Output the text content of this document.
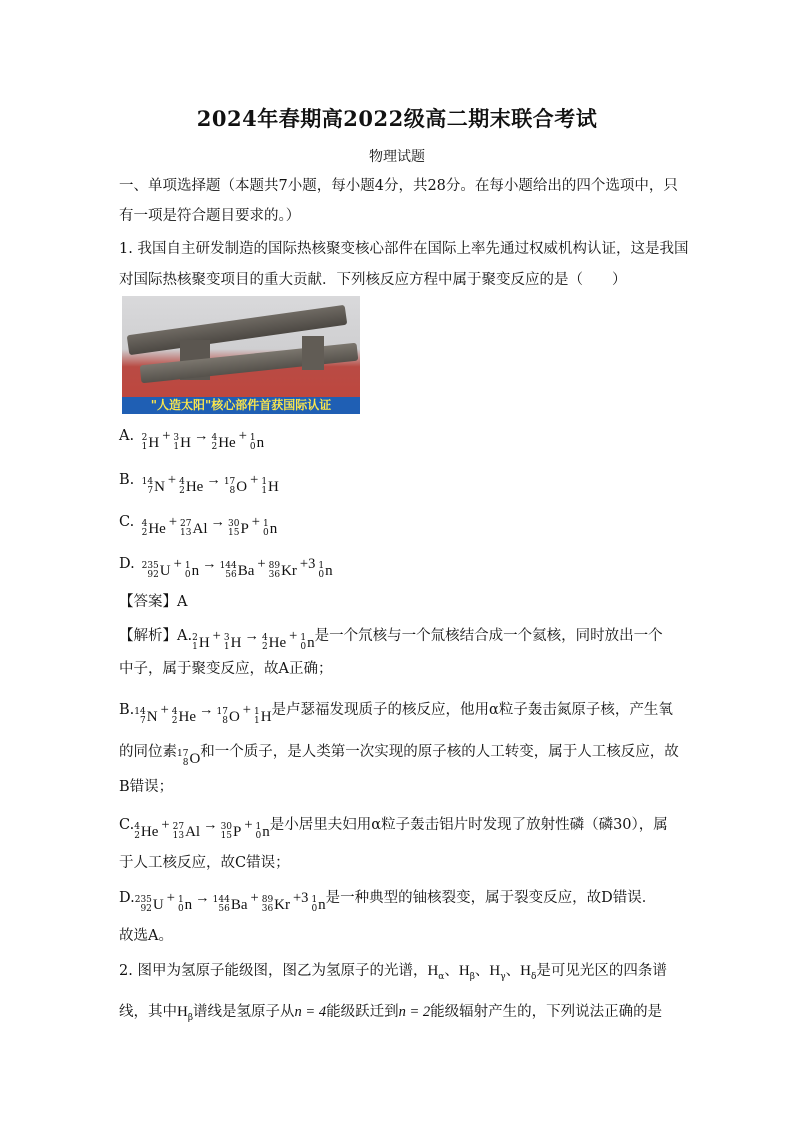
2024年春期高2022级高二期末联合考试
物理试题
一、单项选择题（本题共7小题，每小题4分，共28分。在每小题给出的四个选项中，只
有一项是符合题目要求的。）
1. 我国自主研发制造的国际热核聚变核心部件在国际上率先通过权威机构认证，这是我国
对国际热核聚变项目的重大贡献．下列核反应方程中属于聚变反应的是（　　）
"人造太阳"核心部件首获国际认证
A. 2
1 H + 3
1 H → 4
2 He + 1
0 n
B. 14
7 N + 4
2 He → 17
8 O + 1
1 H
C. 4
2 He + 27
13 Al → 30
15 P + 1
0 n
D. 235
92 U + 1
0 n → 144
56 Ba + 89
36 Kr +3 1
0 n
【答案】A
【解析】A. 2
1 H + 3
1 H → 4
2 He + 1
0 n 是一个氘核与一个氚核结合成一个氦核，同时放出一个
中子，属于聚变反应，故A正确；
B. 14
7 N + 4
2 He → 17
8 O + 1
1 H 是卢瑟福发现质子的核反应，他用α粒子轰击氮原子核，产生氧
的同位素 17
8 O 和一个质子，是人类第一次实现的原子核的人工转变，属于人工核反应，故
B错误；
C. 4
2 He + 27
13 Al → 30
15 P + 1
0 n 是小居里夫妇用α粒子轰击铝片时发现了放射性磷（磷30），属
于人工核反应，故C错误；
D. 235
92 U + 1
0 n → 144
56 Ba + 89
36 Kr +3 1
0 n 是一种典型的铀核裂变，属于裂变反应，故D错误．
故选A。
2. 图甲为氢原子能级图，图乙为氢原子的光谱，$H_\alpha$、$H_\beta$、$H_\gamma$、$H_\delta$是可见光区的四条谱
线，其中$H_\beta$谱线是氢原子从n = 4能级跃迁到n = 2能级辐射产生的，下列说法正确的是
